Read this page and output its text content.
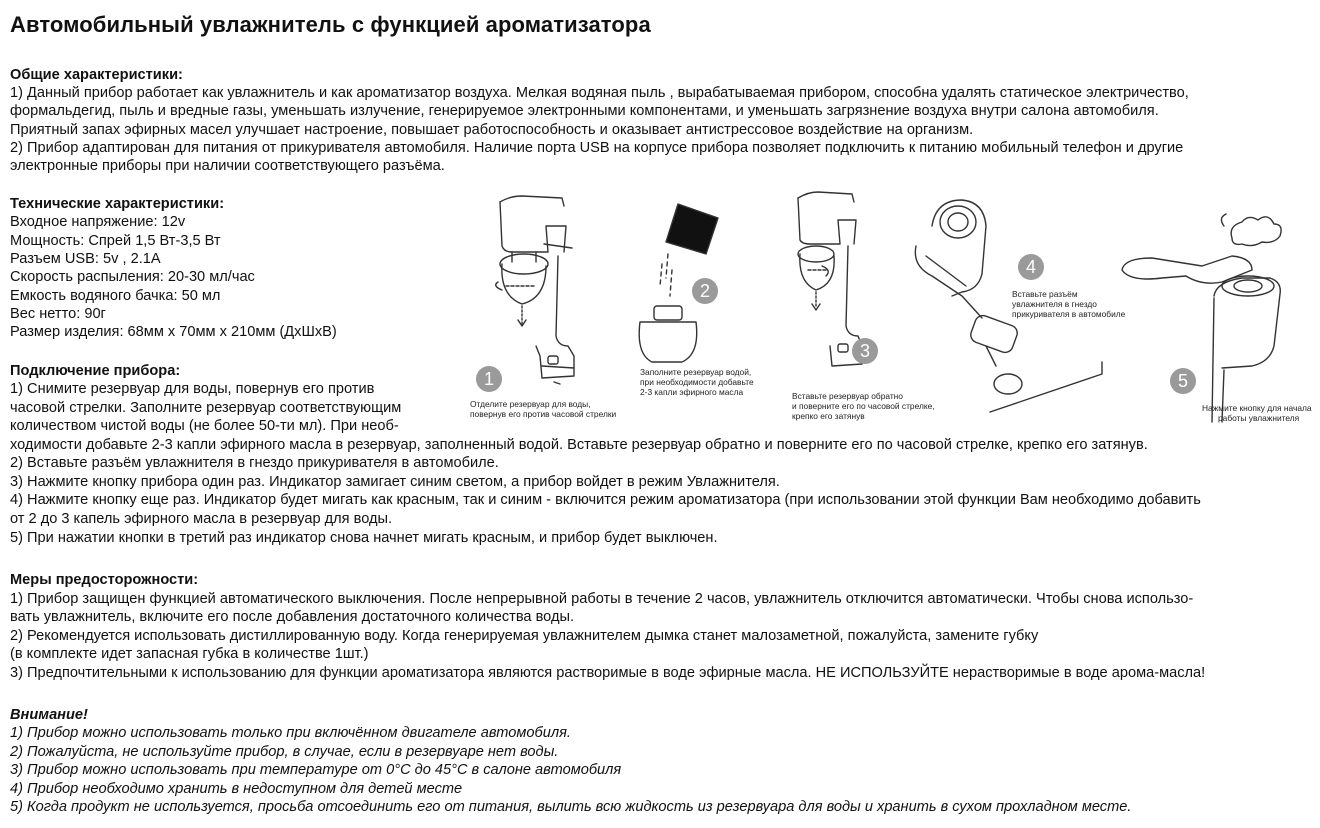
Автомобильный увлажнитель с функцией ароматизатора
Общие характеристики:
1) Данный прибор работает как увлажнитель и как ароматизатор воздуха. Мелкая водяная пыль , вырабатываемая прибором, способна удалять статическое электричество,
формальдегид, пыль и вредные газы, уменьшать излучение, генерируемое электронными компонентами, и уменьшать загрязнение воздуха внутри салона автомобиля.
Приятный запах эфирных масел улучшает настроение, повышает работоспособность и оказывает антистрессовое воздействие на организм.
2) Прибор адаптирован для питания от прикуривателя автомобиля. Наличие порта USB на корпусе прибора позволяет подключить к питанию мобильный телефон и другие
электронные приборы при наличии соответствующего разъёма.
Технические характеристики:
Входное напряжение: 12v
Мощность: Спрей 1,5 Вт-3,5 Вт
Разъем USB: 5v , 2.1A
Скорость распыления: 20-30 мл/час
Емкость водяного бачка: 50 мл
Вес нетто: 90г
Размер изделия: 68мм х 70мм х 210мм (ДхШхВ)
Подключение прибора:
1) Снимите резервуар для воды, повернув его против
часовой стрелки. Заполните резервуар соответствующим
количеством чистой воды (не более 50-ти мл). При необ-
ходимости добавьте 2-3 капли эфирного масла в резервуар, заполненный водой. Вставьте резервуар обратно и поверните его по часовой стрелке, крепко его затянув.
2) Вставьте разъём увлажнителя в гнездо прикуривателя в автомобиле.
3) Нажмите кнопку прибора один раз. Индикатор замигает синим светом, а прибор войдет в режим Увлажнителя.
4) Нажмите кнопку еще раз. Индикатор будет мигать как красным, так и синим - включится режим ароматизатора (при использовании этой функции Вам необходимо добавить
от 2 до 3 капель эфирного масла в резервуар для воды.
5) При нажатии кнопки в третий раз индикатор снова начнет мигать красным, и прибор будет выключен.
Меры предосторожности:
1) Прибор защищен функцией автоматического выключения. После непрерывной работы в течение 2 часов, увлажнитель отключится автоматически. Чтобы снова использо-
вать увлажнитель, включите его после добавления достаточного количества воды.
2) Рекомендуется использовать дистиллированную воду. Когда генерируемая увлажнителем дымка станет малозаметной, пожалуйста, замените губку
(в комплекте идет запасная губка в количестве 1шт.)
3) Предпочтительными к использованию для функции ароматизатора являются растворимые в воде эфирные масла. НЕ ИСПОЛЬЗУЙТЕ нерастворимые в воде арома-масла!
Внимание!
1) Прибор можно использовать только при включённом двигателе автомобиля.
2) Пожалуйста, не используйте прибор, в случае, если в резервуаре нет воды.
3) Прибор можно использовать при температуре от 0°С до 45°С в салоне автомобиля
4) Прибор необходимо хранить в недоступном для детей месте
5) Когда продукт не используется, просьба отсоединить его от питания, вылить всю жидкость из резервуара для воды и хранить в сухом прохладном месте.
1
Отделите резервуар для воды,
повернув его против часовой стрелки
2
Заполните резервуар водой,
при необходимости добавьте
2-3 капли эфирного масла
3
Вставьте резервуар обратно
и поверните его по часовой стрелке,
крепко его затянув
4
Вставьте разъём
увлажнителя в гнездо
прикуривателя в автомобиле
5
Нажмите кнопку для начала
работы увлажнителя
